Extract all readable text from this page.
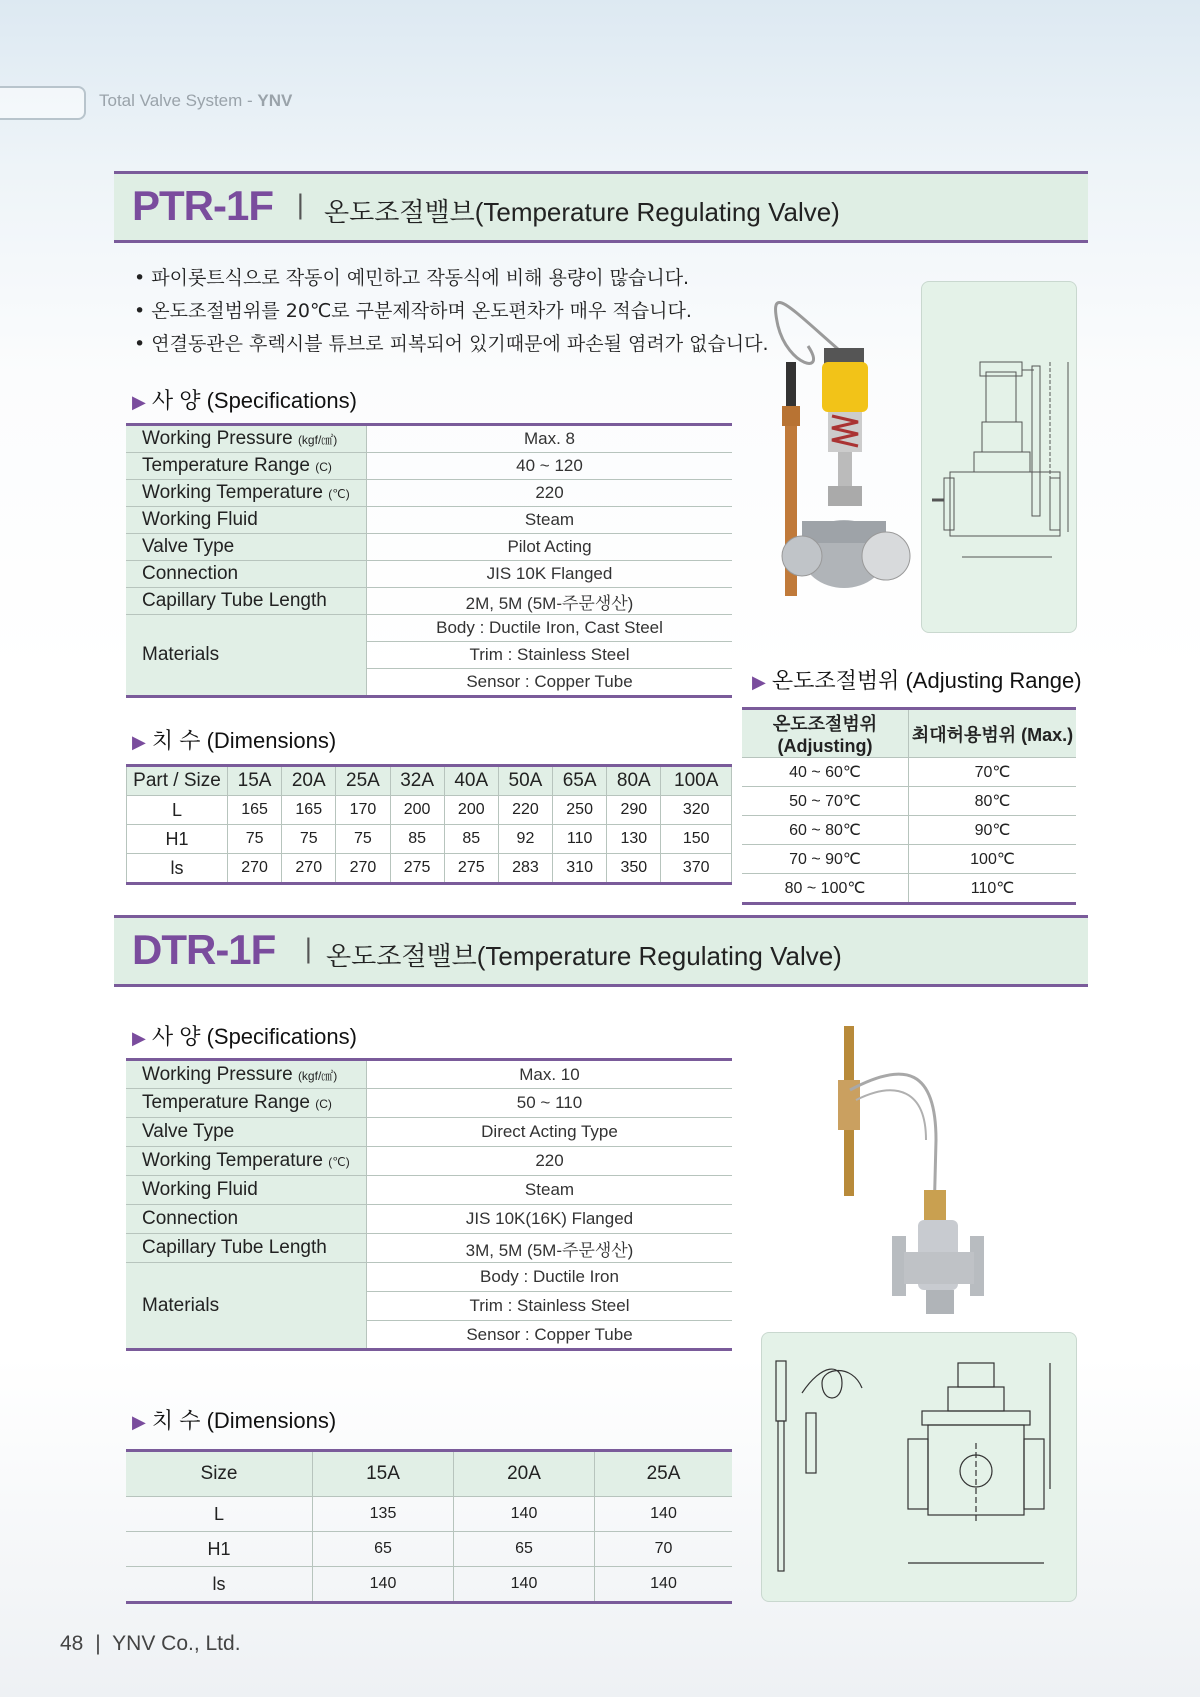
Total Valve System - YNV
PTR-1F | 온도조절밸브(Temperature Regulating Valve)
• 파이롯트식으로 작동이 예민하고 작동식에 비해 용량이 많습니다.
• 온도조절범위를 20℃로 구분제작하며 온도편차가 매우 적습니다.
• 연결동관은 후렉시블 튜브로 피복되어 있기때문에 파손될 염려가 없습니다.
▶ 사 양 (Specifications)
Working Pressure (kgf/㎠)	Max. 8
Temperature Range (C)	40 ~ 120
Working Temperature (℃)	220
Working Fluid	Steam
Valve Type	Pilot Acting
Connection	JIS 10K Flanged
Capillary Tube Length	2M, 5M (5M-주문생산)
Materials	Body : Ductile Iron, Cast Steel
	Trim : Stainless Steel
	Sensor : Copper Tube
▶ 치 수 (Dimensions)
Part / Size	15A	20A	25A	32A	40A	50A	65A	80A	100A
L	165	165	170	200	200	220	250	290	320
H1	75	75	75	85	85	92	110	130	150
ls	270	270	270	275	275	283	310	350	370
▶ 온도조절범위 (Adjusting Range)
온도조절범위 (Adjusting)	최대허용범위 (Max.)
40 ~ 60℃	70℃
50 ~ 70℃	80℃
60 ~ 80℃	90℃
70 ~ 90℃	100℃
80 ~ 100℃	110℃
DTR-1F | 온도조절밸브(Temperature Regulating Valve)
▶ 사 양 (Specifications)
Working Pressure (kgf/㎠)	Max. 10
Temperature Range (C)	50 ~ 110
Valve Type	Direct Acting Type
Working Temperature (℃)	220
Working Fluid	Steam
Connection	JIS 10K(16K) Flanged
Capillary Tube Length	3M, 5M (5M-주문생산)
Materials	Body : Ductile Iron
	Trim : Stainless Steel
	Sensor : Copper Tube
▶ 치 수 (Dimensions)
Size	15A	20A	25A
L	135	140	140
H1	65	65	70
ls	140	140	140
48 | YNV Co., Ltd.
